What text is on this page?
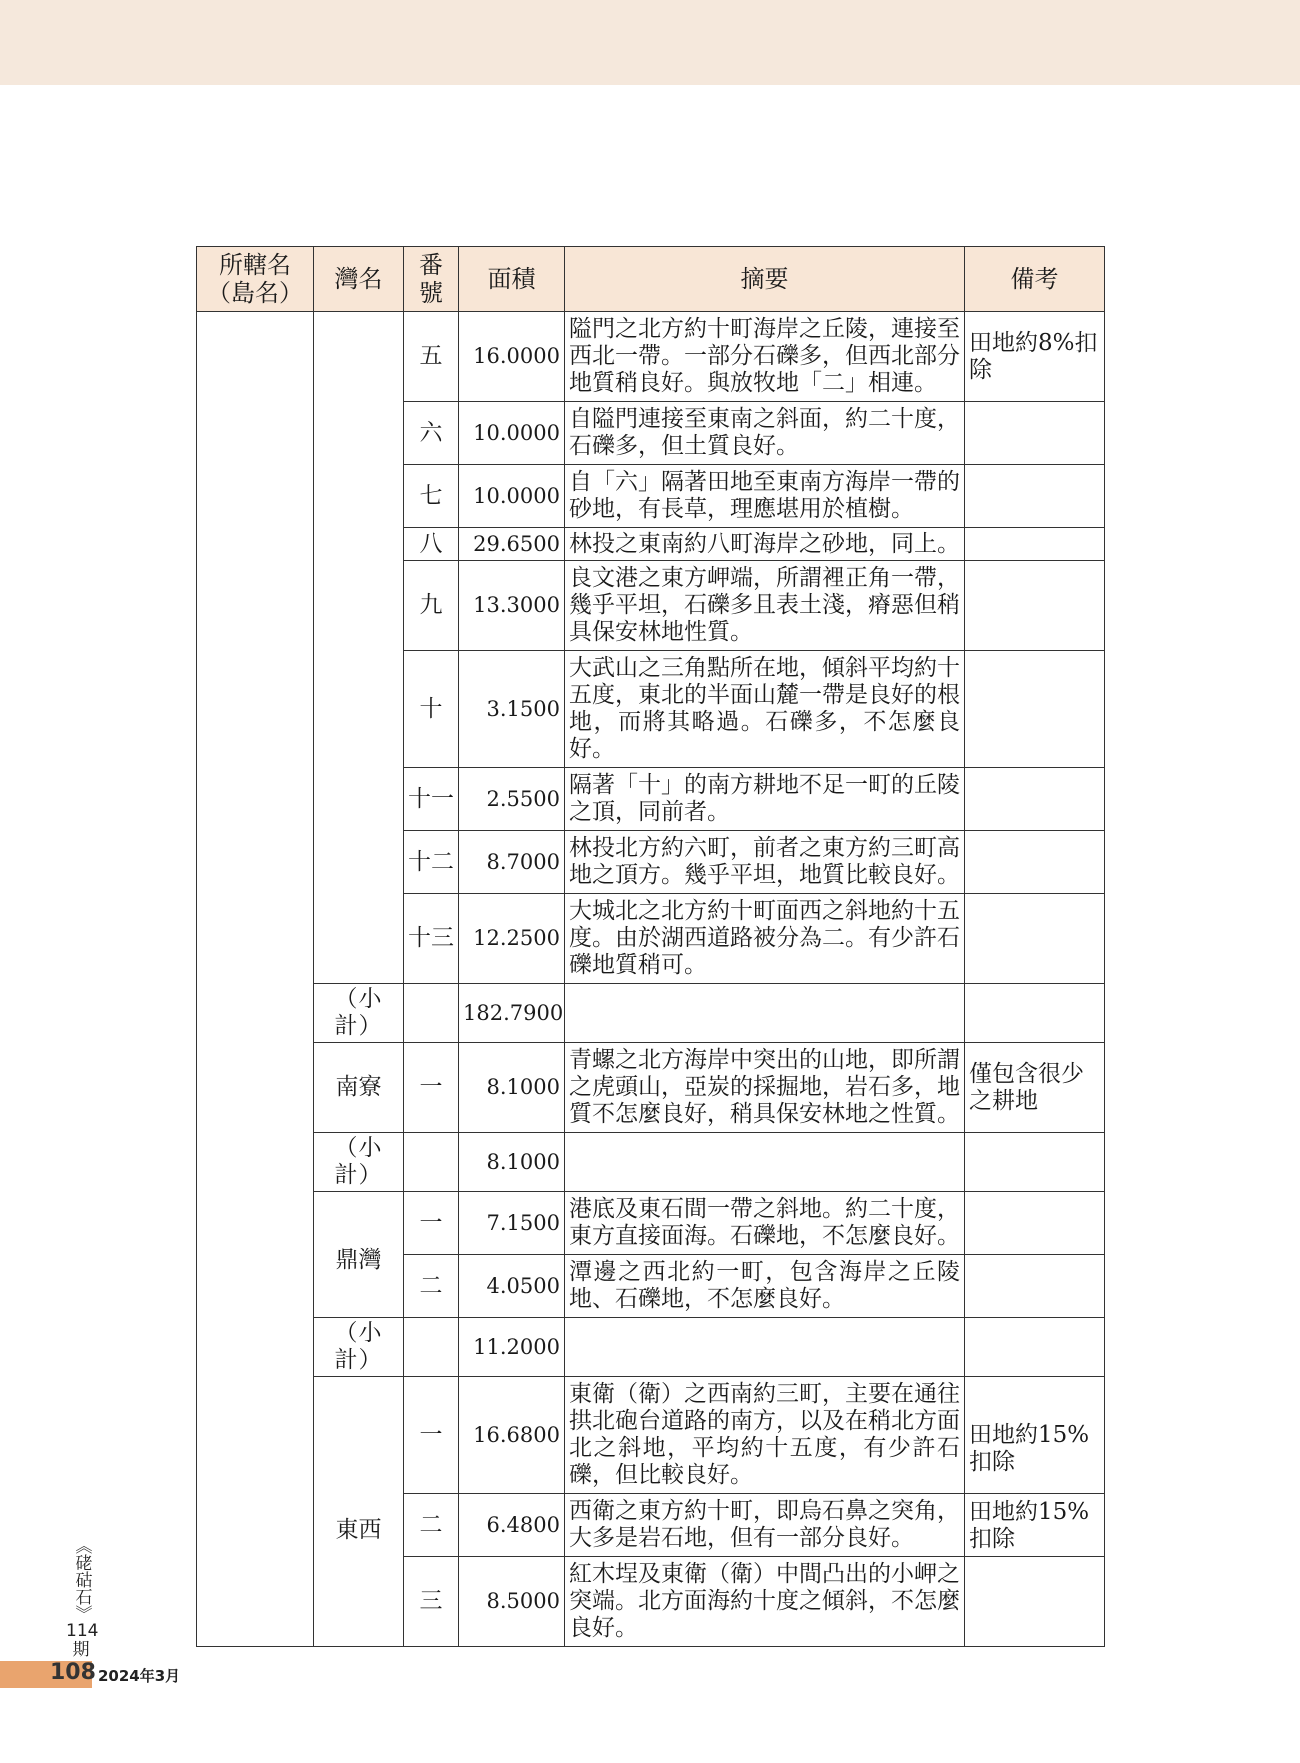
所轄名（島名）	灣名	番號	面積	摘要	備考
		五	16.0000	隘門之北方約十町海岸之丘陵，連接至西北一帶。一部分石礫多，但西北部分地質稍良好。與放牧地「二」相連。	田地約8%扣除
		六	10.0000	自隘門連接至東南之斜面，約二十度，石礫多，但土質良好。	
		七	10.0000	自「六」隔著田地至東南方海岸一帶的砂地，有長草，理應堪用於植樹。	
		八	29.6500	林投之東南約八町海岸之砂地，同上。	
		九	13.3000	良文港之東方岬端，所謂裡正角一帶，幾乎平坦，石礫多且表土淺，瘠惡但稍具保安林地性質。	
		十	3.1500	大武山之三角點所在地，傾斜平均約十五度，東北的半面山麓一帶是良好的根地，而將其略過。石礫多，不怎麼良好。	
		十一	2.5500	隔著「十」的南方耕地不足一町的丘陵之頂，同前者。	
		十二	8.7000	林投北方約六町，前者之東方約三町高地之頂方。幾乎平坦，地質比較良好。	
		十三	12.2500	大城北之北方約十町面西之斜地約十五度。由於湖西道路被分為二。有少許石礫地質稍可。	
	（小計）		182.7900		
	南寮	一	8.1000	青螺之北方海岸中突出的山地，即所謂之虎頭山，亞炭的採掘地，岩石多，地質不怎麼良好，稍具保安林地之性質。	僅包含很少之耕地
	（小計）		8.1000		
	鼎灣	一	7.1500	港底及東石間一帶之斜地。約二十度，東方直接面海。石礫地，不怎麼良好。	
		二	4.0500	潭邊之西北約一町，包含海岸之丘陵地、石礫地，不怎麼良好。	
	（小計）		11.2000		
	東西	一	16.6800	東衛（衛）之西南約三町，主要在通往拱北砲台道路的南方，以及在稍北方面北之斜地，平均約十五度，有少許石礫，但比較良好。	田地約15%扣除
		二	6.4800	西衛之東方約十町，即烏石鼻之突角，大多是岩石地，但有一部分良好。	田地約15%扣除
		三	8.5000	紅木埕及東衛（衛）中間凸出的小岬之突端。北方面海約十度之傾斜，不怎麼良好。	
《硓𥑮石》
114
期
108 2024年3月
